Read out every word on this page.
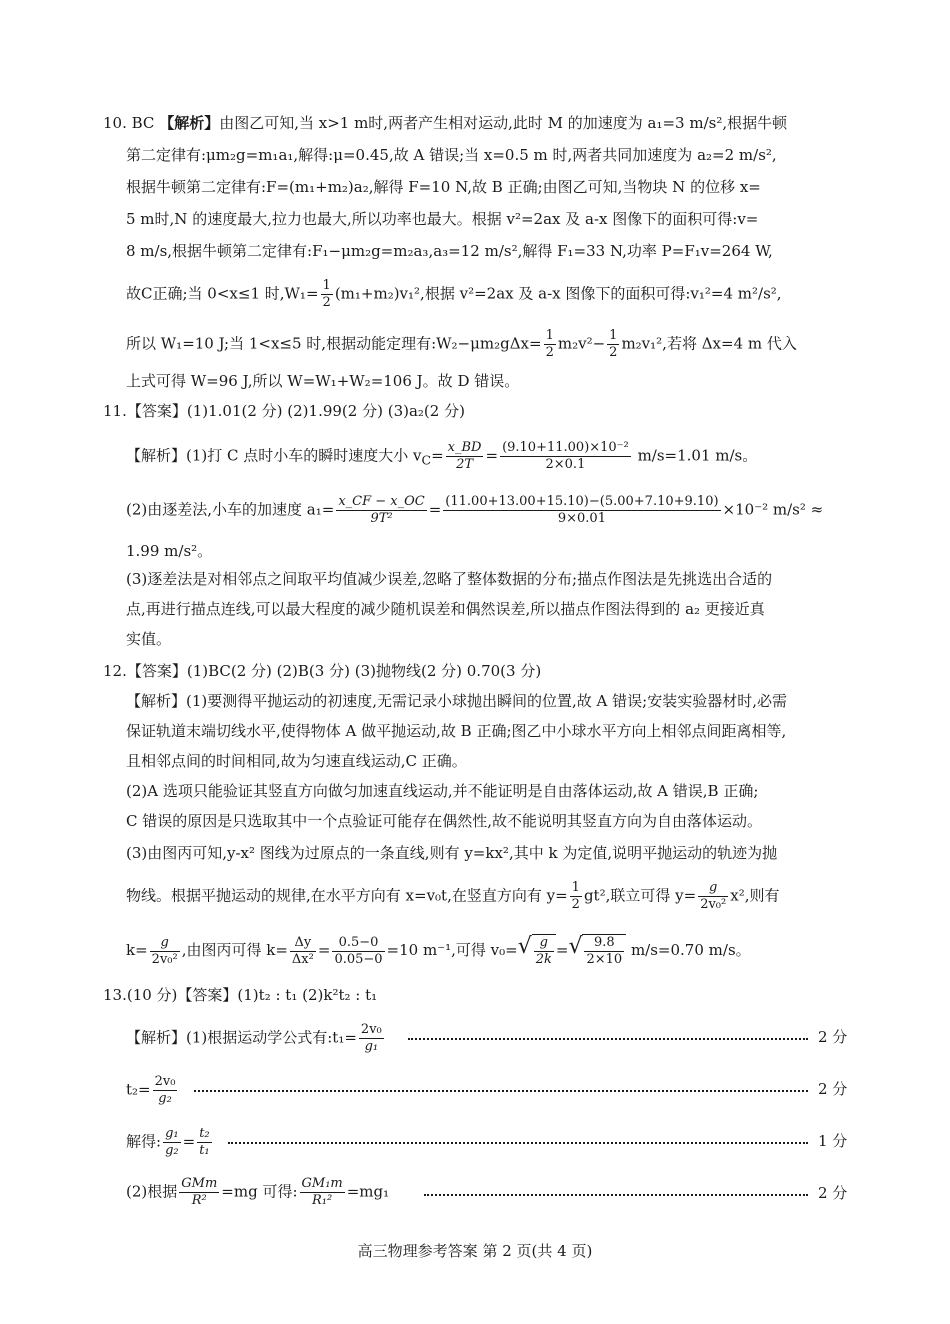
10. BC 【解析】由图乙可知,当 x>1 m时,两者产生相对运动,此时 M 的加速度为 a₁=3 m/s²,根据牛顿
第二定律有:μm₂g=m₁a₁,解得:μ=0.45,故 A 错误;当 x=0.5 m 时,两者共同加速度为 a₂=2 m/s²,
根据牛顿第二定律有:F=(m₁+m₂)a₂,解得 F=10 N,故 B 正确;由图乙可知,当物块 N 的位移 x=
5 m时,N 的速度最大,拉力也最大,所以功率也最大。根据 v²=2ax 及 a-x 图像下的面积可得:v=
8 m/s,根据牛顿第二定律有:F₁−μm₂g=m₂a₃,a₃=12 m/s²,解得 F₁=33 N,功率 P=F₁v=264 W,
故C正确;当 0<x≤1 时$,W_1= \frac{1}{2} (m_1+m_2)v_1^2$,根据 v²=2ax 及 a-x 图像下的面积可得:v₁²=4 m²/s²,
所以 W₁=10 J;当 1<x≤5 时,根据动能定理有:W₂−μm₂gΔx= $\frac{1}{2} m_2v^2- \frac{1}{2} m_2v_1^2$,若将 Δx=4 m 代入
上式可得 W=96 J,所以 W=W₁+W₂=106 J。故 D 错误。
11.【答案】(1)1.01(2 分) (2)1.99(2 分) (3)a₂(2 分)
【解析】(1)打 C 点时小车的瞬时速度大小 $v_C= \frac{x\_BD}{2T} = \frac{\text{(9.10+11.00)×10⁻²}}{2\times 0.1} m/s=1.01$ m/s。
(2)由逐差法,小车的加速度 $a_1= \frac{x\_CF - x\_OC}{\text{9T²}} = \frac{(11.00+13.00+15.10)-(5.00+7.10+9.10)}{9\times 0.01} \times 10^{-2}$ m/s² ≈
1.99 m/s²。
(3)逐差法是对相邻点之间取平均值减少误差,忽略了整体数据的分布;描点作图法是先挑选出合适的
点,再进行描点连线,可以最大程度的减少随机误差和偶然误差,所以描点作图法得到的 a₂ 更接近真
实值。
12.【答案】(1)BC(2 分) (2)B(3 分) (3)抛物线(2 分) 0.70(3 分)
【解析】(1)要测得平抛运动的初速度,无需记录小球抛出瞬间的位置,故 A 错误;安装实验器材时,必需
保证轨道末端切线水平,使得物体 A 做平抛运动,故 B 正确;图乙中小球水平方向上相邻点间距离相等,
且相邻点间的时间相同,故为匀速直线运动,C 正确。
(2)A 选项只能验证其竖直方向做匀加速直线运动,并不能证明是自由落体运动,故 A 错误,B 正确;
C 错误的原因是只选取其中一个点验证可能存在偶然性,故不能说明其竖直方向为自由落体运动。
(3)由图丙可知,y-x² 图线为过原点的一条直线,则有 y=kx²,其中 k 为定值,说明平抛运动的轨迹为抛
物线。根据平抛运动的规律,在水平方向有 x=v₀t,在竖直方向有 $y= \frac{1}{2} gt^2$,联立可得 $y= \frac{g}{\text{2v₀²}} x^2$,则有
$k= \frac{g}{\text{2v₀²}}$ ,由图丙可得 $k= \frac{\Delta y}{\text{Δx²}} = \frac{0.5-0}{0.05-0} =10$ m⁻¹,可得 v₀= √ $\frac{g}{2k}$ = √ $\frac{9.8}{2\times 10} m/s=0.70$ m/s。
13.(10 分)【答案】(1)t₂ : t₁ (2)k²t₂ : t₁
【解析】(1)根据运动学公式有:t₁= $\frac{\text{2v₀}}{\text{g₁}}$	2 分
$t_2= \frac{\text{2v₀}}{\text{g₂}}$	2 分
解得: $\frac{\text{g₁}}{\text{g₂}} = \frac{\text{t₂}}{\text{t₁}}$	1 分
(2)根据 $\frac{\text{GMm}}{\text{R²}} =mg$ 可得: $\frac{\text{GM₁m}}{\text{R₁²}} =mg_1$	2 分
高三物理参考答案 第 2 页(共 4 页)
